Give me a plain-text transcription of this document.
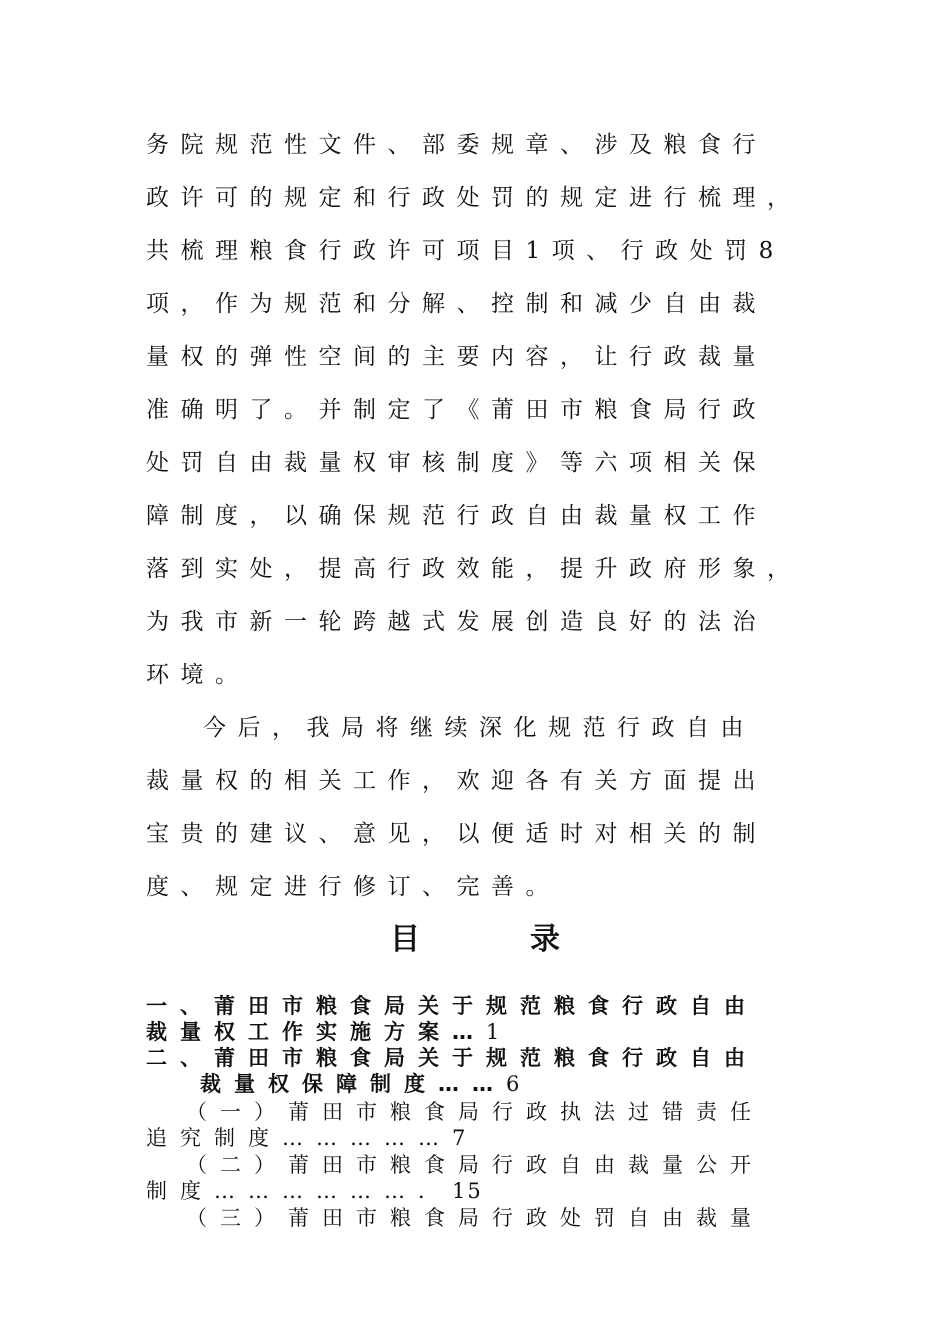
务院规范性文件、部委规章、涉及粮食行
政许可的规定和行政处罚的规定进行梳理，
共梳理粮食行政许可项目1项、行政处罚8
项，作为规范和分解、控制和减少自由裁
量权的弹性空间的主要内容，让行政裁量
准确明了。并制定了《莆田市粮食局行政
处罚自由裁量权审核制度》等六项相关保
障制度，以确保规范行政自由裁量权工作
落到实处，提高行政效能，提升政府形象，
为我市新一轮跨越式发展创造良好的法治
环境。
今后，我局将继续深化规范行政自由
裁量权的相关工作，欢迎各有关方面提出
宝贵的建议、意见，以便适时对相关的制
度、规定进行修订、完善。
目	录
一、莆田市粮食局关于规范粮食行政自由
裁量权工作实施方案…1
二、莆田市粮食局关于规范粮食行政自由
裁量权保障制度……6
（一）莆田市粮食局行政执法过错责任
追究制度……………7
（二）莆田市粮食局行政自由裁量公开
制度………………．15
（三）莆田市粮食局行政处罚自由裁量
